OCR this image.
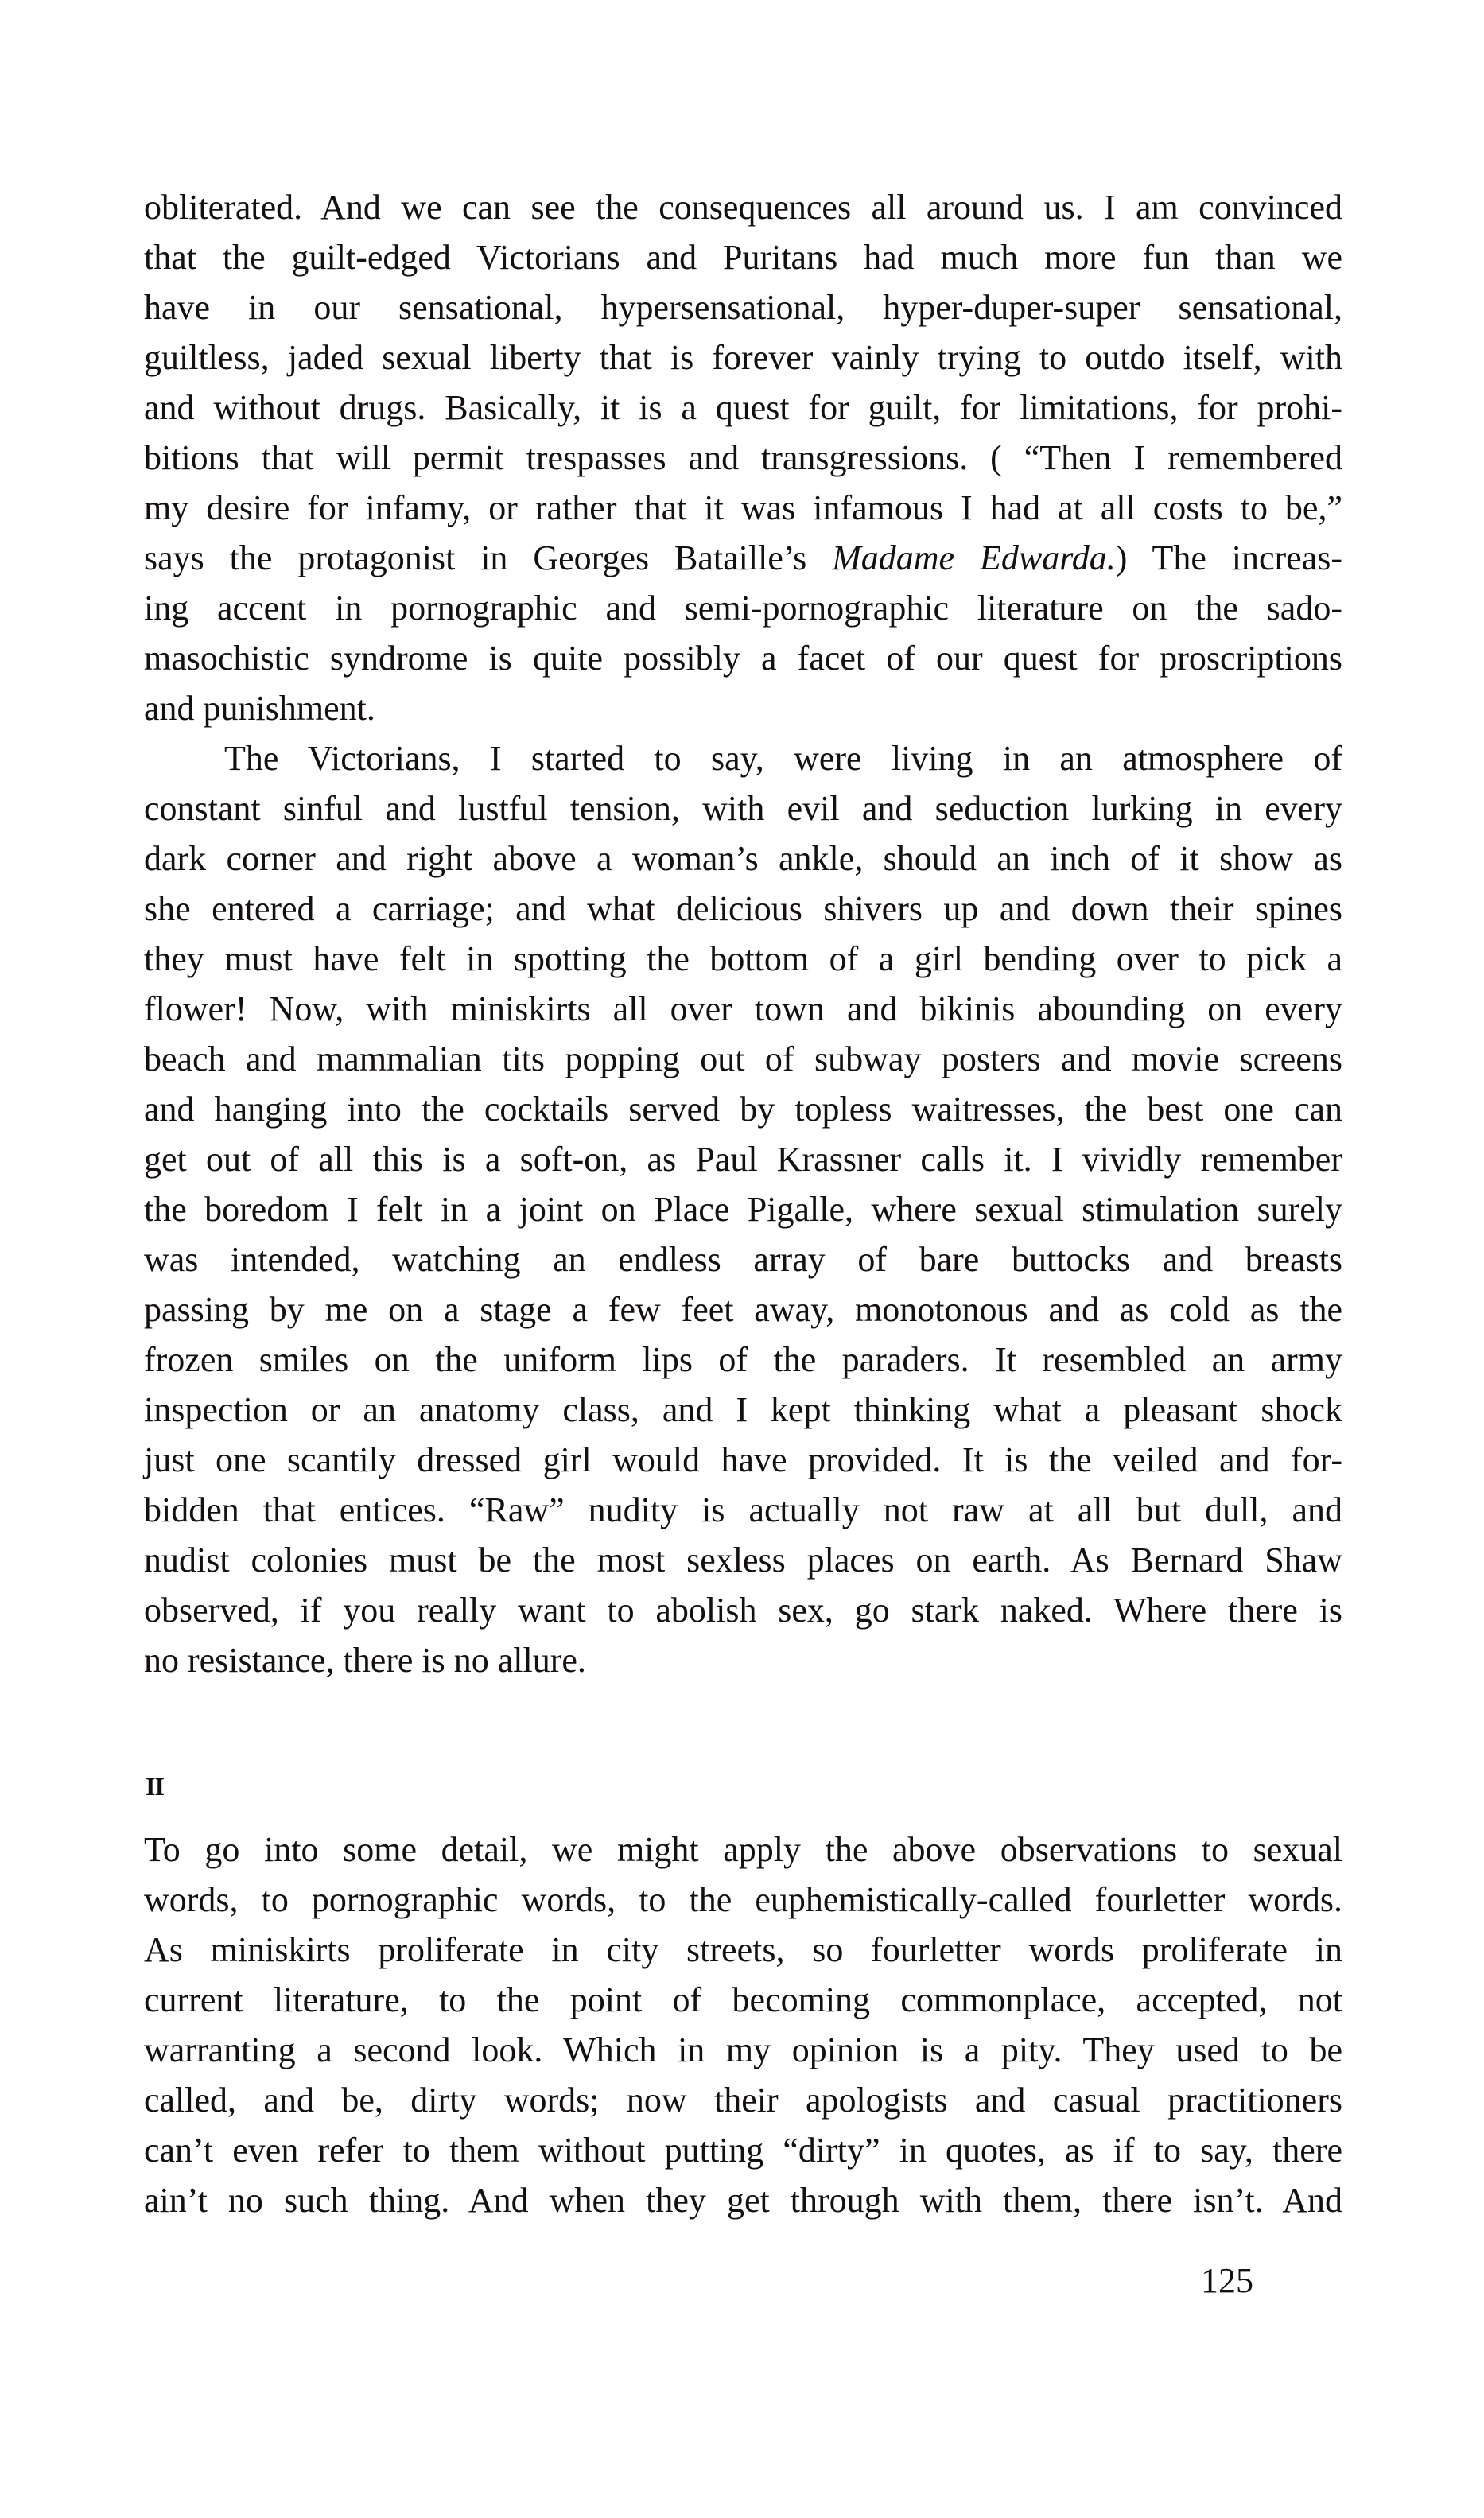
obliterated. And we can see the consequences all around us. I am convinced
that the guilt-edged Victorians and Puritans had much more fun than we
have in our sensational, hypersensational, hyper-duper-super sensational,
guiltless, jaded sexual liberty that is forever vainly trying to outdo itself, with
and without drugs. Basically, it is a quest for guilt, for limitations, for prohi-
bitions that will permit trespasses and transgressions. ( “Then I remembered
my desire for infamy, or rather that it was infamous I had at all costs to be,”
says the protagonist in Georges Bataille’s Madame Edwarda.) The increas-
ing accent in pornographic and semi-pornographic literature on the sado-
masochistic syndrome is quite possibly a facet of our quest for proscriptions
and punishment.
The Victorians, I started to say, were living in an atmosphere of
constant sinful and lustful tension, with evil and seduction lurking in every
dark corner and right above a woman’s ankle, should an inch of it show as
she entered a carriage; and what delicious shivers up and down their spines
they must have felt in spotting the bottom of a girl bending over to pick a
flower! Now, with miniskirts all over town and bikinis abounding on every
beach and mammalian tits popping out of subway posters and movie screens
and hanging into the cocktails served by topless waitresses, the best one can
get out of all this is a soft-on, as Paul Krassner calls it. I vividly remember
the boredom I felt in a joint on Place Pigalle, where sexual stimulation surely
was intended, watching an endless array of bare buttocks and breasts
passing by me on a stage a few feet away, monotonous and as cold as the
frozen smiles on the uniform lips of the paraders. It resembled an army
inspection or an anatomy class, and I kept thinking what a pleasant shock
just one scantily dressed girl would have provided. It is the veiled and for-
bidden that entices. “Raw” nudity is actually not raw at all but dull, and
nudist colonies must be the most sexless places on earth. As Bernard Shaw
observed, if you really want to abolish sex, go stark naked. Where there is
no resistance, there is no allure.
II
To go into some detail, we might apply the above observations to sexual
words, to pornographic words, to the euphemistically-called fourletter words.
As miniskirts proliferate in city streets, so fourletter words proliferate in
current literature, to the point of becoming commonplace, accepted, not
warranting a second look. Which in my opinion is a pity. They used to be
called, and be, dirty words; now their apologists and casual practitioners
can’t even refer to them without putting “dirty” in quotes, as if to say, there
ain’t no such thing. And when they get through with them, there isn’t. And
125
